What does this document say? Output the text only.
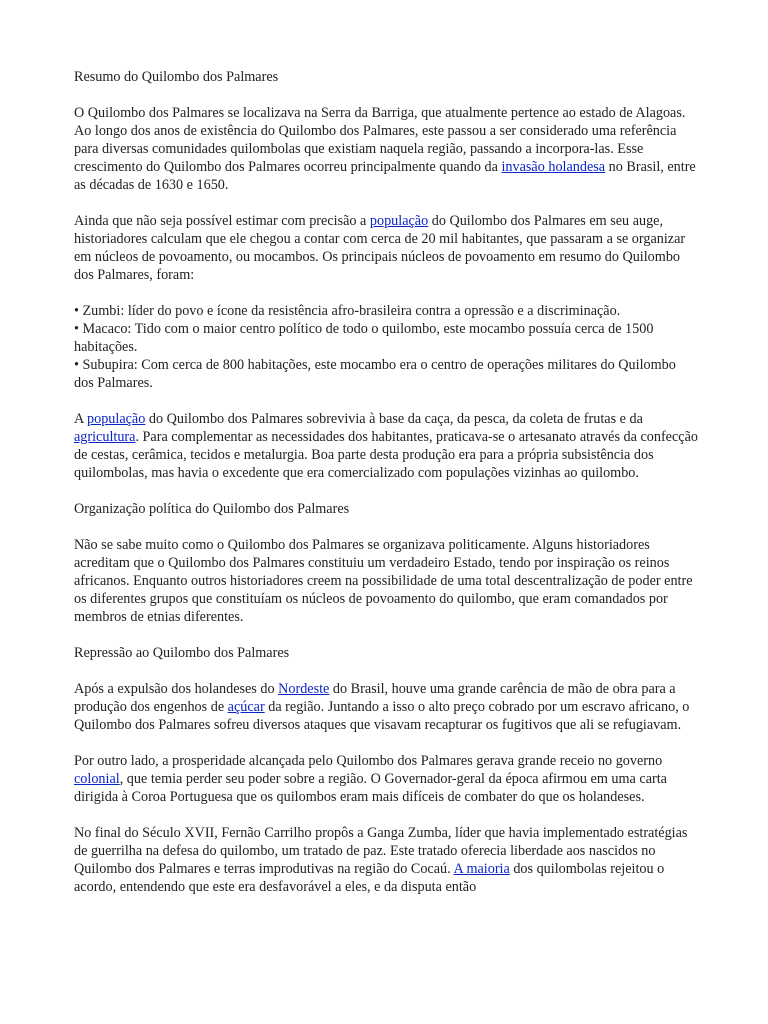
Resumo do Quilombo dos Palmares

O Quilombo dos Palmares se localizava na Serra da Barriga, que atualmente pertence ao estado de Alagoas. Ao longo dos anos de existência do Quilombo dos Palmares, este passou a ser considerado uma referência para diversas comunidades quilombolas que existiam naquela região, passando a incorpora-las. Esse crescimento do Quilombo dos Palmares ocorreu principalmente quando da invasão holandesa no Brasil, entre as décadas de 1630 e 1650.

Ainda que não seja possível estimar com precisão a população do Quilombo dos Palmares em seu auge, historiadores calculam que ele chegou a contar com cerca de 20 mil habitantes, que passaram a se organizar em núcleos de povoamento, ou mocambos. Os principais núcleos de povoamento em resumo do Quilombo dos Palmares, foram:

• Zumbi: líder do povo e ícone da resistência afro-brasileira contra a opressão e a discriminação.
• Macaco: Tido com o maior centro político de todo o quilombo, este mocambo possuía cerca de 1500 habitações.
• Subupira: Com cerca de 800 habitações, este mocambo era o centro de operações militares do Quilombo dos Palmares.

A população do Quilombo dos Palmares sobrevivia à base da caça, da pesca, da coleta de frutas e da agricultura. Para complementar as necessidades dos habitantes, praticava-se o artesanato através da confecção de cestas, cerâmica, tecidos e metalurgia. Boa parte desta produção era para a própria subsistência dos quilombolas, mas havia o excedente que era comercializado com populações vizinhas ao quilombo.

Organização política do Quilombo dos Palmares

Não se sabe muito como o Quilombo dos Palmares se organizava politicamente. Alguns historiadores acreditam que o Quilombo dos Palmares constituiu um verdadeiro Estado, tendo por inspiração os reinos africanos. Enquanto outros historiadores creem na possibilidade de uma total descentralização de poder entre os diferentes grupos que constituíam os núcleos de povoamento do quilombo, que eram comandados por membros de etnias diferentes.

Repressão ao Quilombo dos Palmares

Após a expulsão dos holandeses do Nordeste do Brasil, houve uma grande carência de mão de obra para a produção dos engenhos de açúcar da região. Juntando a isso o alto preço cobrado por um escravo africano, o Quilombo dos Palmares sofreu diversos ataques que visavam recapturar os fugitivos que ali se refugiavam.

Por outro lado, a prosperidade alcançada pelo Quilombo dos Palmares gerava grande receio no governo colonial, que temia perder seu poder sobre a região. O Governador-geral da época afirmou em uma carta dirigida à Coroa Portuguesa que os quilombos eram mais difíceis de combater do que os holandeses.

No final do Século XVII, Fernão Carrilho propôs a Ganga Zumba, líder que havia implementado estratégias de guerrilha na defesa do quilombo, um tratado de paz. Este tratado oferecia liberdade aos nascidos no Quilombo dos Palmares e terras improdutivas na região do Cocaú. A maioria dos quilombolas rejeitou o acordo, entendendo que este era desfavorável a eles, e da disputa então
